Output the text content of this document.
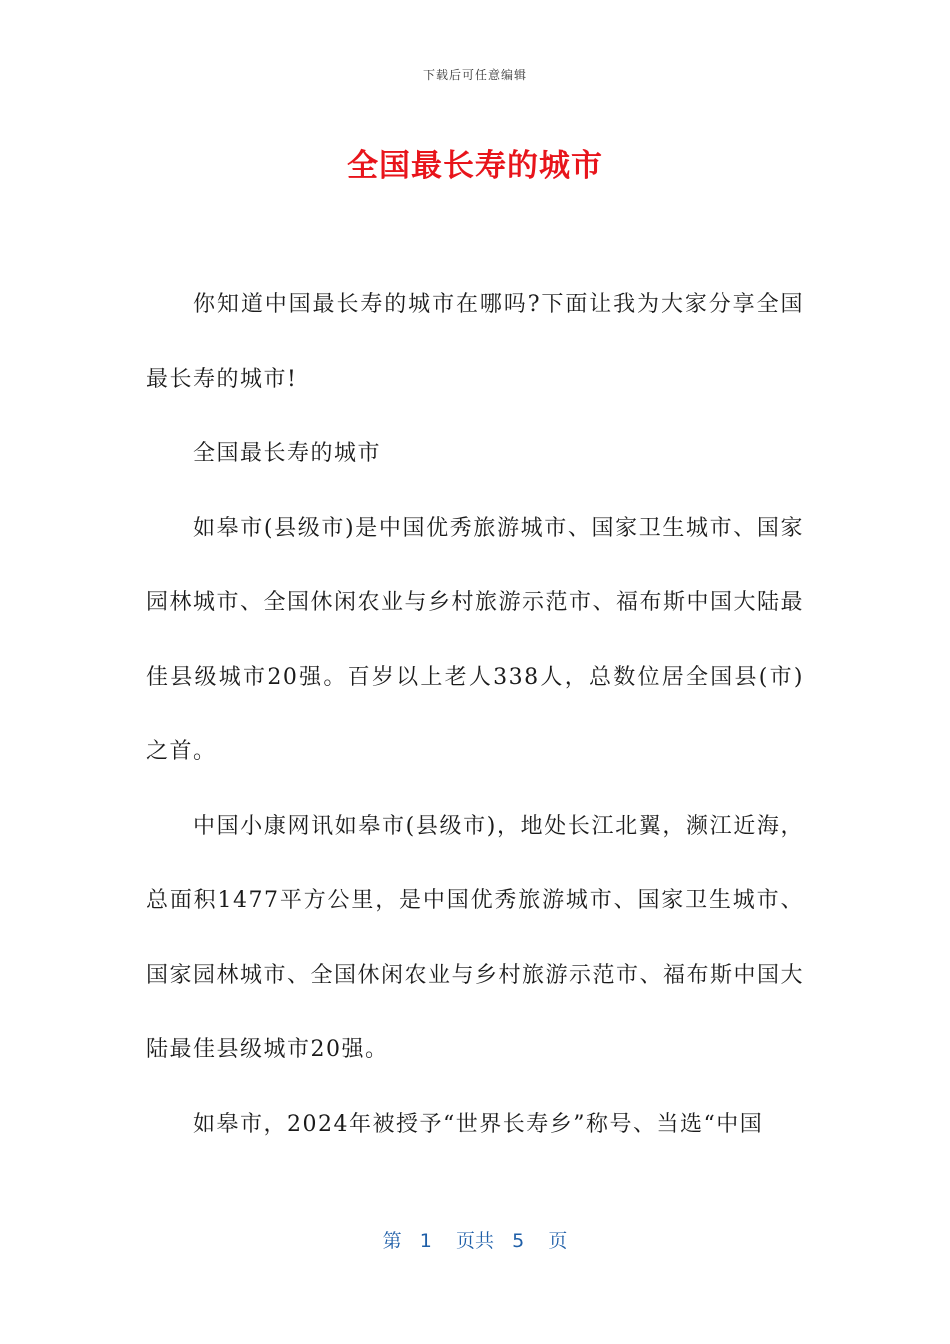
下载后可任意编辑
全国最长寿的城市

你知道中国最长寿的城市在哪吗?下面让我为大家分享全国最长寿的城市!

全国最长寿的城市

如皋市(县级市)是中国优秀旅游城市、国家卫生城市、国家园林城市、全国休闲农业与乡村旅游示范市、福布斯中国大陆最佳县级城市20强。百岁以上老人338人，总数位居全国县(市)之首。

中国小康网讯如皋市(县级市)，地处长江北翼，濒江近海，总面积1477平方公里，是中国优秀旅游城市、国家卫生城市、国家园林城市、全国休闲农业与乡村旅游示范市、福布斯中国大陆最佳县级城市20强。

如皋市，2024年被授予“世界长寿乡”称号、当选“中国

第 1 页共 5 页
